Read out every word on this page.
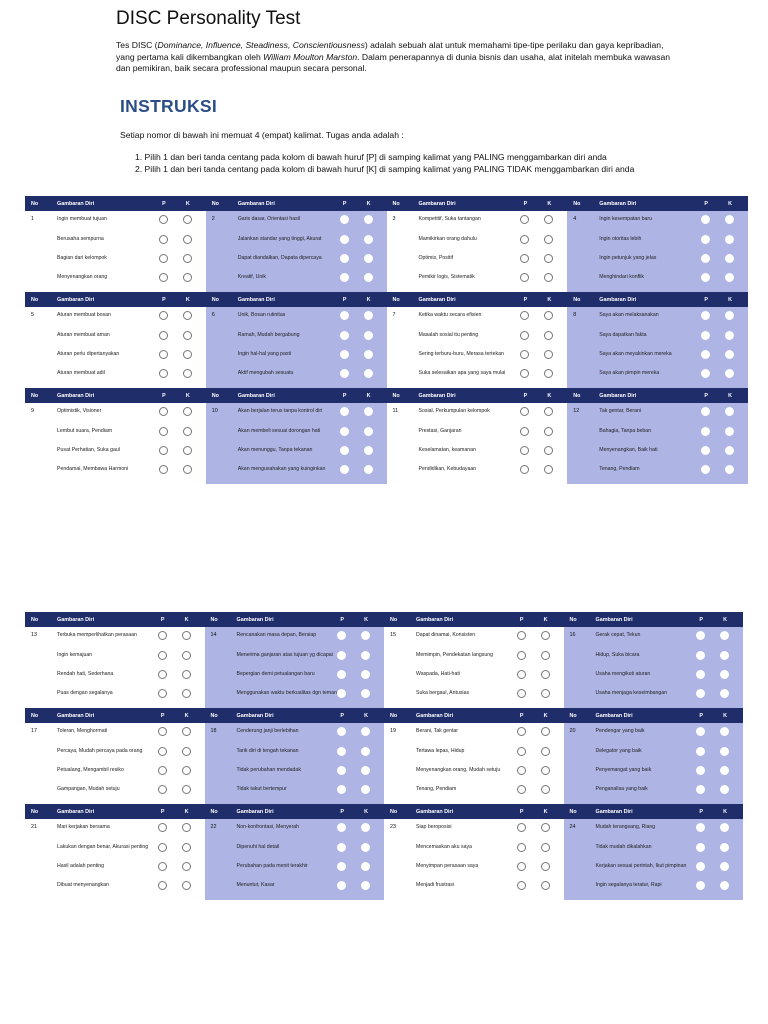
DISC Personality Test
Tes DISC (Dominance, Influence, Steadiness, Conscientiousness) adalah sebuah alat untuk memahami tipe-tipe perilaku dan gaya kepribadian, yang pertama kali dikembangkan oleh William Moulton Marston. Dalam penerapannya di dunia bisnis dan usaha, alat initelah membuka wawasan dan pemikiran, baik secara professional maupun secara personal.
INSTRUKSI
Setiap nomor di bawah ini memuat 4 (empat) kalimat. Tugas anda adalah :
1. Pilih 1 dan beri tanda centang pada kolom di bawah huruf [P] di samping kalimat yang PALING menggambarkan diri anda
2. Pilih 1 dan beri tanda centang pada kolom di bawah huruf [K] di samping kalimat yang PALING TIDAK menggambarkan diri anda
No	Gambaran Diri	P	K
1	Ingin membuat tujuan
Berusaha sempurna
Bagian dari kelompok
Menyenangkan orang
No	Gambaran Diri	P	K
2	Garis dasar, Orientasi hasil
Jalankan standar yang tinggi, Akurat
Dapat diandalkan, Dapata dipercaya
Kreatif, Unik
No	Gambaran Diri	P	K
3	Kompetitif, Suka tantangan
Mamikirkan orang dahulu
Optimis, Positif
Pemikir logis, Sistematik
No	Gambaran Diri	P	K
4	Ingin kesempatan baru
Ingin otoritas lebih
Ingin petunjuk yang jelas
Menghindari konflik
No	Gambaran Diri	P	K
5	Aturan membuat bosan
Aturan membuat aman
Aturan perlu dipertanyakan
Aturan membuat adil
No	Gambaran Diri	P	K
6	Unik, Bosan rutinitas
Ramah, Mudah bergabung
Ingin hal-hal yang pasti
Aktif mengubah sesuatu
No	Gambaran Diri	P	K
7	Ketika waktu secara efisien
Masalah sosial itu penting
Sering terburu-buru, Merasa tertekan
Suka selesaikan apa yang saya mulai
No	Gambaran Diri	P	K
8	Saya akan melaksanakan
Saya dapatkan fakta
Saya akan meyakinkan mereka
Saya akan pimpin mereka
No	Gambaran Diri	P	K
9	Optimistik, Visioner
Lembut suara, Pendiam
Pusat Perhatian, Suka gaul
Pendamai, Membawa Harmoni
No	Gambaran Diri	P	K
10	Akan berjalan terus tanpa kontrol diri
Akan membeli sesuai dorongan hati
Akan menunggu, Tanpa tekanan
Akan mengusahakan yang kuinginkan
No	Gambaran Diri	P	K
11	Sosial, Perkumpulan kelompok
Prestasi, Ganjaran
Keselamatan, keamanan
Pendidikan, Kebudayaan
No	Gambaran Diri	P	K
12	Tak gentar, Berani
Bahagia, Tanpa beban
Menyenangkan, Baik hati
Tenang, Pendiam
No	Gambaran Diri	P	K
13	Terbuka memperlihatkan perasaan
Ingin kemajuan
Rendah hati, Sederhana
Puas dengan segalanya
No	Gambaran Diri	P	K
14	Rencanakan masa depan, Bersiap
Menerima ganjaran atas tujuan yg dicapai
Bepergian demi petualangan baru
Menggunakan waktu berkualitas dgn teman
No	Gambaran Diri	P	K
15	Dapat dinamai, Konsisten
Memimpin, Pendekatan langsung
Waspada, Hati-hati
Suka bergaul, Antusias
No	Gambaran Diri	P	K
16	Gerak cepat, Tekun
Hidup, Suka bicara
Usaha mengikuti aturan
Usaha menjaga keseimbangan
No	Gambaran Diri	P	K
17	Toleran, Menghormati
Percaya, Mudah percaya pada orang
Petualang, Mengambil resiko
Gampangan, Mudah setuju
No	Gambaran Diri	P	K
18	Cenderung janji berlebihan
Tarik diri di tengah tekanan
Tidak perubahan mendadak
Tidak takut bertempur
No	Gambaran Diri	P	K
19	Berani, Tak gentar
Tertawa lepas, Hidup
Menyenangkan orang, Mudah setuju
Tenang, Pendiam
No	Gambaran Diri	P	K
20	Pendengar yang baik
Delegator yang baik
Penyemangat yang baik
Penganalisa yang baik
No	Gambaran Diri	P	K
21	Mari kerjakan bersama
Lakukan dengan benar, Akurasi penting
Hasil adalah penting
Dibuat menyenangkan
No	Gambaran Diri	P	K
22	Non-konfrontasi, Menyerah
Dipenuhi hal detail
Perubahan pada menit terakhir
Menuntut, Kasar
No	Gambaran Diri	P	K
23	Siap beroposisi
Mencemaskan aku saya
Menyimpan perasaan saya
Menjadi frustrasi
No	Gambaran Diri	P	K
24	Mudah terangsang, Riang
Tidak mudah dikalahkan
Kerjakan sesuai perintah, Ikut pimpinan
Ingin segalanya teratur, Rapi
